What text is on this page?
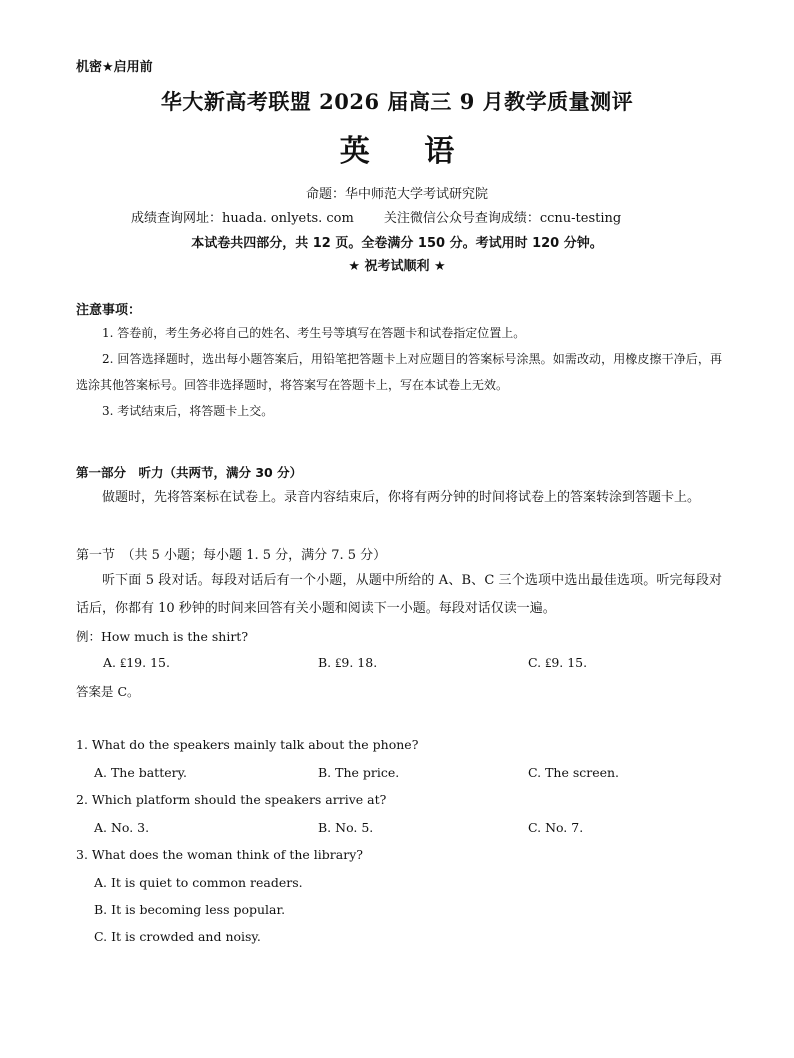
机密★启用前
华大新高考联盟 2026 届高三 9 月教学质量测评
英 语
命题：华中师范大学考试研究院
成绩查询网址：huada. onlyets. com 关注微信公众号查询成绩：ccnu-testing
本试卷共四部分，共 12 页。全卷满分 150 分。考试用时 120 分钟。
★ 祝考试顺利 ★
注意事项：

1. 答卷前，考生务必将自己的姓名、考生号等填写在答题卡和试卷指定位置上。

2. 回答选择题时，选出每小题答案后，用铅笔把答题卡上对应题目的答案标号涂黑。如需改动，用橡皮擦干净后，再选涂其他答案标号。回答非选择题时，将答案写在答题卡上，写在本试卷上无效。

3. 考试结束后，将答题卡上交。

第一部分　听力（共两节，满分 30 分）
做题时，先将答案标在试卷上。录音内容结束后，你将有两分钟的时间将试卷上的答案转涂到答题卡上。
第一节　（共 5 小题；每小题 1. 5 分，满分 7. 5 分）
听下面 5 段对话。每段对话后有一个小题，从题中所给的 A、B、C 三个选项中选出最佳选项。听完每段对话后，你都有 10 秒钟的时间来回答有关小题和阅读下一小题。每段对话仅读一遍。
例：How much is the shirt?
A. ₤19. 15.	B. ₤9. 18.	C. ₤9. 15.
答案是 C。
1. What do the speakers mainly talk about the phone?
A. The battery.	B. The price.	C. The screen.
2. Which platform should the speakers arrive at?
A. No. 3.	B. No. 5.	C. No. 7.
3. What does the woman think of the library?
A. It is quiet to common readers.
B. It is becoming less popular.
C. It is crowded and noisy.
